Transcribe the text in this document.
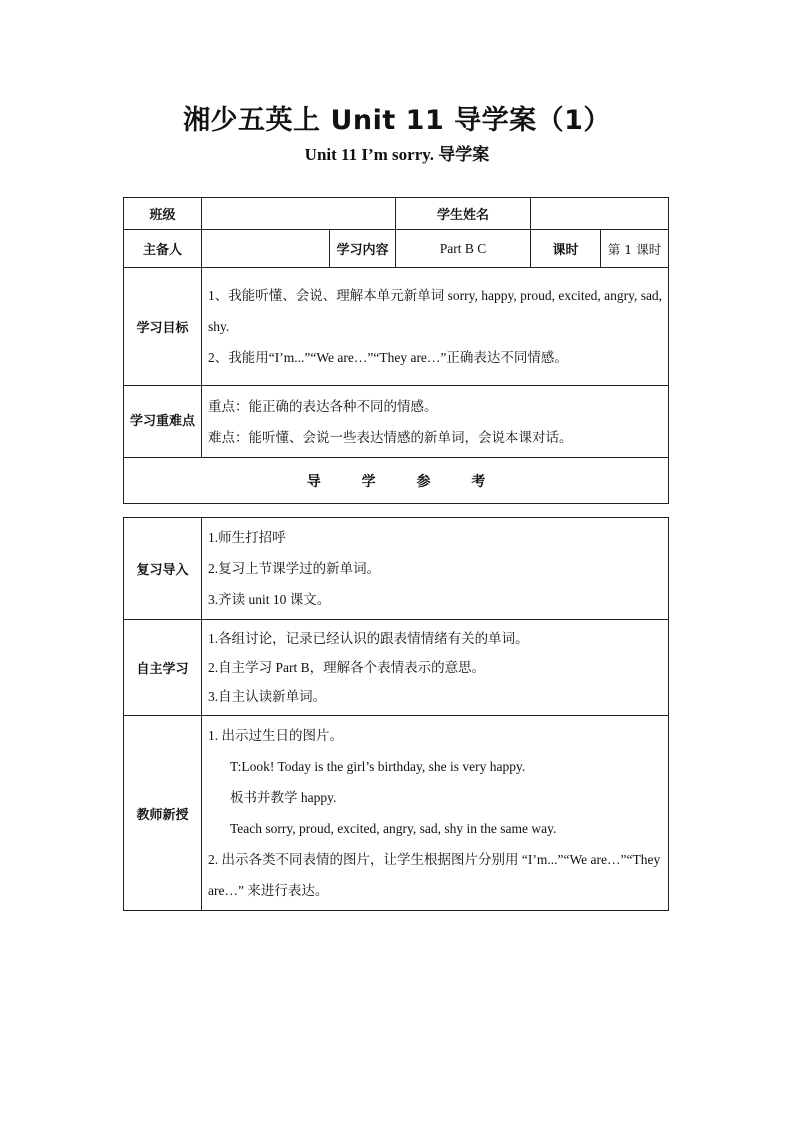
湘少五英上 Unit 11 导学案（1）
Unit 11 I’m sorry. 导学案
班级			学生姓名		
主备人		学习内容	Part B C	课时	第 1 课时
学习目标	1、我能听懂、会说、理解本单元新单词 sorry, happy, proud, excited, angry, sad, shy.
2、我能用“I’m...”“We are…”“They are…”正确表达不同情感。				

学习重难点	重点：能正确的表达各种不同的情感。
难点：能听懂、会说一些表达情感的新单词，会说本课对话。				

导 学 参 考					
复习导入	1.师生打招呼
2.复习上节课学过的新单词。
3.齐读 unit 10 课文。

自主学习	1.各组讨论，记录已经认识的跟表情情绪有关的单词。
2.自主学习 Part B，理解各个表情表示的意思。
3.自主认读新单词。

教师新授	1. 出示过生日的图片。
T:Look! Today is the girl’s birthday, she is very happy.
板书并教学 happy.
Teach sorry, proud, excited, angry, sad, shy in the same way.
2. 出示各类不同表情的图片，让学生根据图片分别用 “I’m...”“We are…”“They are…” 来进行表达。
